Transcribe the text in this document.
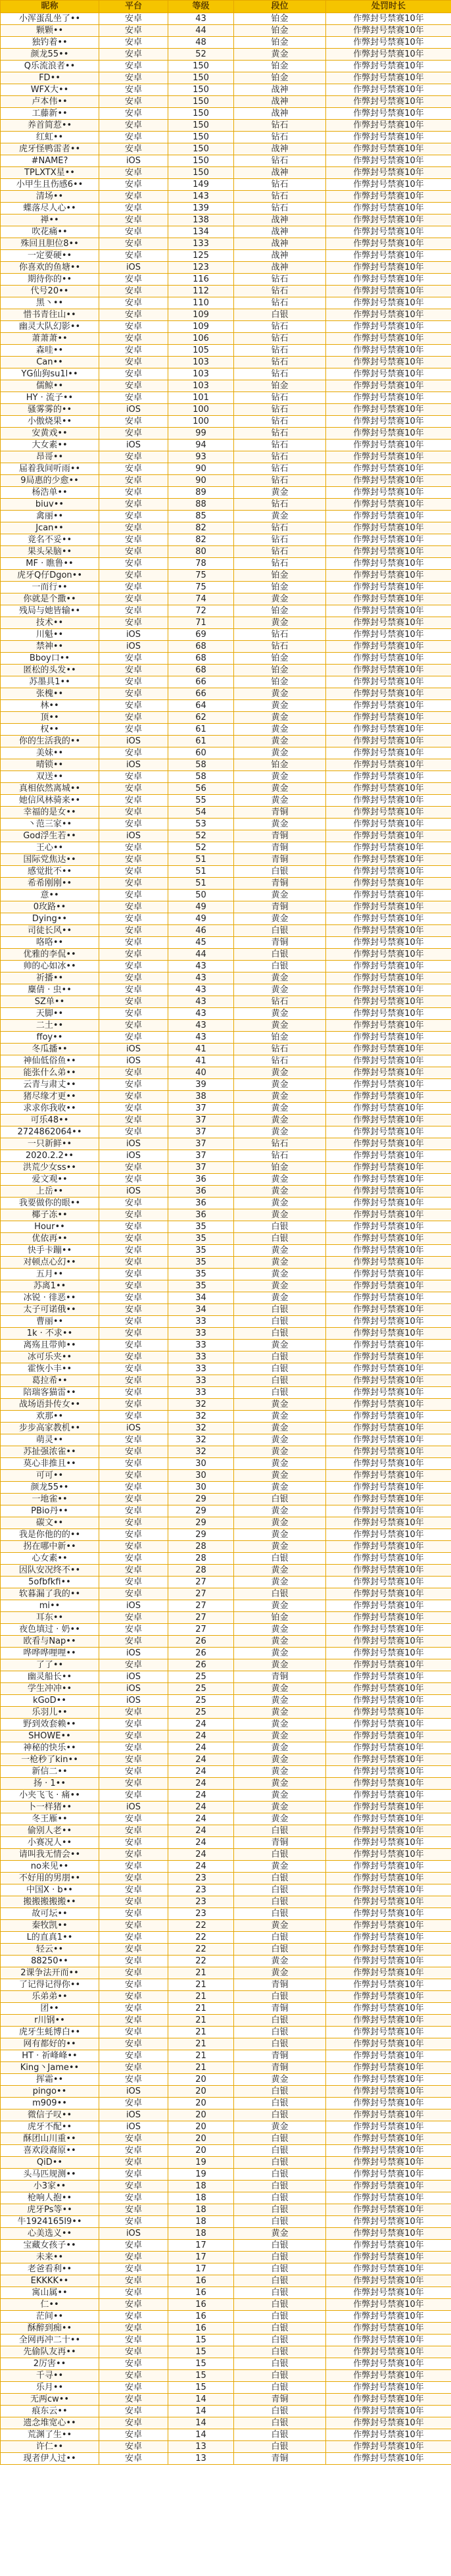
昵称	平台	等级	段位	处罚时长
小浑蛋乱坐了••	安卓	43	铂金	作弊封号禁赛10年
颗颗••	安卓	44	铂金	作弊封号禁赛10年
独钓着••	安卓	48	铂金	作弊封号禁赛10年
颜龙55••	安卓	52	黄金	作弊封号禁赛10年
Q乐流浪者••	安卓	150	铂金	作弊封号禁赛10年
FD••	安卓	150	铂金	作弊封号禁赛10年
WFX大••	安卓	150	战神	作弊封号禁赛10年
卢本伟••	安卓	150	战神	作弊封号禁赛10年
工藤新••	安卓	150	战神	作弊封号禁赛10年
养首简惹••	安卓	150	钻石	作弊封号禁赛10年
红虹••	安卓	150	钻石	作弊封号禁赛10年
虎牙怪鸭雷者••	安卓	150	战神	作弊封号禁赛10年
#NAME?	iOS	150	钻石	作弊封号禁赛10年
TPLXTX星••	安卓	150	战神	作弊封号禁赛10年
小甲生且伤感6••	安卓	149	钻石	作弊封号禁赛10年
清场••	安卓	143	钻石	作弊封号禁赛10年
蝶落尽人心••	安卓	139	钻石	作弊封号禁赛10年
禅••	安卓	138	战神	作弊封号禁赛10年
吹花痛••	安卓	134	战神	作弊封号禁赛10年
殊回且胆位8••	安卓	133	战神	作弊封号禁赛10年
一定要硬••	安卓	125	战神	作弊封号禁赛10年
你喜欢的鱼塘••	iOS	123	战神	作弊封号禁赛10年
期待你的••	安卓	116	钻石	作弊封号禁赛10年
代号20••	安卓	112	钻石	作弊封号禁赛10年
黑丶••	安卓	110	钻石	作弊封号禁赛10年
惜书青往山••	安卓	109	白银	作弊封号禁赛10年
幽灵大队幻影••	安卓	109	钻石	作弊封号禁赛10年
萧萧萧••	安卓	106	钻石	作弊封号禁赛10年
森哇••	安卓	105	钻石	作弊封号禁赛10年
Can••	安卓	103	钻石	作弊封号禁赛10年
YG仙狗su1l••	安卓	103	钻石	作弊封号禁赛10年
儒鲸••	安卓	103	铂金	作弊封号禁赛10年
HY · 流子••	安卓	101	钻石	作弊封号禁赛10年
骚雾雾的••	iOS	100	钻石	作弊封号禁赛10年
小傲烧果••	安卓	100	钻石	作弊封号禁赛10年
安黄戏••	安卓	99	钻石	作弊封号禁赛10年
大女素••	iOS	94	钻石	作弊封号禁赛10年
昂哥••	安卓	93	钻石	作弊封号禁赛10年
届着我间听雨••	安卓	90	钻石	作弊封号禁赛10年
9局惠的少愈••	安卓	90	钻石	作弊封号禁赛10年
杨浩单••	安卓	89	黄金	作弊封号禁赛10年
biuv••	安卓	88	钻石	作弊封号禁赛10年
禽丽••	安卓	85	黄金	作弊封号禁赛10年
Jcan••	安卓	82	钻石	作弊封号禁赛10年
竟名不妥••	安卓	82	钻石	作弊封号禁赛10年
果头呆脑••	安卓	80	钻石	作弊封号禁赛10年
MF · 瞧鲁••	安卓	78	钻石	作弊封号禁赛10年
虎牙Q仔Dgon••	安卓	75	铂金	作弊封号禁赛10年
一而行••	安卓	75	铂金	作弊封号禁赛10年
你就是个撒••	安卓	74	黄金	作弊封号禁赛10年
残局与她皆输••	安卓	72	铂金	作弊封号禁赛10年
技术••	安卓	71	黄金	作弊封号禁赛10年
川魁••	iOS	69	钻石	作弊封号禁赛10年
禁神••	iOS	68	钻石	作弊封号禁赛10年
Bboy口••	安卓	68	铂金	作弊封号禁赛10年
匿松的头发••	安卓	68	铂金	作弊封号禁赛10年
苏墨具1••	安卓	66	铂金	作弊封号禁赛10年
张槐••	安卓	66	黄金	作弊封号禁赛10年
林••	安卓	64	黄金	作弊封号禁赛10年
顶••	安卓	62	黄金	作弊封号禁赛10年
权••	安卓	61	黄金	作弊封号禁赛10年
你的生活我的••	iOS	61	黄金	作弊封号禁赛10年
美妹••	安卓	60	黄金	作弊封号禁赛10年
晴锁••	iOS	58	铂金	作弊封号禁赛10年
双送••	安卓	58	黄金	作弊封号禁赛10年
真相依然离城••	安卓	56	黄金	作弊封号禁赛10年
她信风林骑来••	安卓	55	黄金	作弊封号禁赛10年
幸福的是女••	安卓	54	青铜	作弊封号禁赛10年
丶范三家••	安卓	53	黄金	作弊封号禁赛10年
God浮生若••	iOS	52	青铜	作弊封号禁赛10年
王心••	安卓	52	青铜	作弊封号禁赛10年
国际党焦达••	安卓	51	青铜	作弊封号禁赛10年
感觉批不••	安卓	51	白银	作弊封号禁赛10年
希希刚刚••	安卓	51	青铜	作弊封号禁赛10年
意••	安卓	50	黄金	作弊封号禁赛10年
0玫路••	安卓	49	青铜	作弊封号禁赛10年
Dying••	安卓	49	黄金	作弊封号禁赛10年
司徒长风••	安卓	46	白银	作弊封号禁赛10年
咯咯••	安卓	45	青铜	作弊封号禁赛10年
优雅的李侃••	安卓	44	白银	作弊封号禁赛10年
帅的心如冰••	安卓	43	白银	作弊封号禁赛10年
祈播••	安卓	43	黄金	作弊封号禁赛10年
麋倩 · 虫••	安卓	43	黄金	作弊封号禁赛10年
SZ单••	安卓	43	钻石	作弊封号禁赛10年
天脚••	安卓	43	黄金	作弊封号禁赛10年
二土••	安卓	43	黄金	作弊封号禁赛10年
ffoy••	安卓	43	铂金	作弊封号禁赛10年
冬瓜播••	iOS	41	钻石	作弊封号禁赛10年
神仙低俗鱼••	iOS	41	钻石	作弊封号禁赛10年
能张什么弟••	安卓	40	黄金	作弊封号禁赛10年
云青与肃丈••	安卓	39	黄金	作弊封号禁赛10年
猪尽缘才更••	安卓	38	黄金	作弊封号禁赛10年
求求你我收••	安卓	37	黄金	作弊封号禁赛10年
可乐48••	安卓	37	黄金	作弊封号禁赛10年
2724862064••	安卓	37	黄金	作弊封号禁赛10年
一只新鲜••	iOS	37	钻石	作弊封号禁赛10年
2020.2.2••	iOS	37	钻石	作弊封号禁赛10年
洪荒少女ss••	安卓	37	铂金	作弊封号禁赛10年
爱文观••	安卓	36	黄金	作弊封号禁赛10年
上岳••	iOS	36	黄金	作弊封号禁赛10年
我要做你的眼••	安卓	36	黄金	作弊封号禁赛10年
椰子冻••	安卓	36	黄金	作弊封号禁赛10年
Hour••	安卓	35	白银	作弊封号禁赛10年
优依再••	安卓	35	白银	作弊封号禁赛10年
快手卡蹦••	安卓	35	黄金	作弊封号禁赛10年
对顿点心幻••	安卓	35	黄金	作弊封号禁赛10年
五月••	安卓	35	黄金	作弊封号禁赛10年
苏离1••	安卓	35	黄金	作弊封号禁赛10年
冰锐 · 徘恶••	安卓	34	黄金	作弊封号禁赛10年
太子可诺俄••	安卓	34	白银	作弊封号禁赛10年
曹丽••	安卓	33	白银	作弊封号禁赛10年
1k · 不求••	安卓	33	白银	作弊封号禁赛10年
离殇且带帅••	安卓	33	黄金	作弊封号禁赛10年
冰可乐夹••	安卓	33	白银	作弊封号禁赛10年
霍恢小丰••	安卓	33	白银	作弊封号禁赛10年
葛拉希••	安卓	33	白银	作弊封号禁赛10年
陪瑞客猫雷••	安卓	33	白银	作弊封号禁赛10年
战场语卦传女••	安卓	32	黄金	作弊封号禁赛10年
欢那••	安卓	32	黄金	作弊封号禁赛10年
步步高家教机••	iOS	32	黄金	作弊封号禁赛10年
萌灵••	安卓	32	黄金	作弊封号禁赛10年
苏扯强浓雀••	安卓	32	黄金	作弊封号禁赛10年
莫心非推且••	安卓	30	黄金	作弊封号禁赛10年
可可••	安卓	30	黄金	作弊封号禁赛10年
颜龙55••	安卓	30	黄金	作弊封号禁赛10年
一地雀••	安卓	29	白银	作弊封号禁赛10年
PBio丹••	安卓	29	黄金	作弊封号禁赛10年
碳文••	安卓	29	黄金	作弊封号禁赛10年
我是你他的的••	安卓	29	黄金	作弊封号禁赛10年
拐在哪中新••	安卓	28	黄金	作弊封号禁赛10年
心女素••	安卓	28	白银	作弊封号禁赛10年
因队安况终不••	安卓	28	黄金	作弊封号禁赛10年
5ofbfkfi••	安卓	27	黄金	作弊封号禁赛10年
软暮漏了我的••	安卓	27	白银	作弊封号禁赛10年
mi••	iOS	27	黄金	作弊封号禁赛10年
耳东••	安卓	27	铂金	作弊封号禁赛10年
夜色填过 · 奶••	安卓	27	黄金	作弊封号禁赛10年
欧看与Nap••	安卓	26	黄金	作弊封号禁赛10年
哗哗哗哩哩••	iOS	26	黄金	作弊封号禁赛10年
了了••	安卓	26	黄金	作弊封号禁赛10年
幽灵船长••	iOS	25	青铜	作弊封号禁赛10年
学生冲冲••	iOS	25	黄金	作弊封号禁赛10年
kGoD••	iOS	25	黄金	作弊封号禁赛10年
乐羽儿••	安卓	25	黄金	作弊封号禁赛10年
野到效套赖••	安卓	24	黄金	作弊封号禁赛10年
SHOWE••	安卓	24	黄金	作弊封号禁赛10年
神秘的快乐••	安卓	24	黄金	作弊封号禁赛10年
一枪秒了kin••	安卓	24	黄金	作弊封号禁赛10年
新信二••	安卓	24	黄金	作弊封号禁赛10年
扬 · 1••	安卓	24	黄金	作弊封号禁赛10年
小夹飞飞 · 痛••	安卓	24	黄金	作弊封号禁赛10年
卜一样猪••	iOS	24	黄金	作弊封号禁赛10年
冬王雁••	安卓	24	黄金	作弊封号禁赛10年
偷别人老••	安卓	24	白银	作弊封号禁赛10年
小赛况人••	安卓	24	青铜	作弊封号禁赛10年
请叫我无情会••	安卓	24	白银	作弊封号禁赛10年
no来见••	安卓	24	黄金	作弊封号禁赛10年
不好用的男朋••	安卓	23	白银	作弊封号禁赛10年
中国X · b••	安卓	23	白银	作弊封号禁赛10年
搬搬搬搬搬••	安卓	23	白银	作弊封号禁赛10年
故可坛••	安卓	23	白银	作弊封号禁赛10年
秦牧凯••	安卓	22	黄金	作弊封号禁赛10年
L的直真1••	安卓	22	白银	作弊封号禁赛10年
轻云••	安卓	22	白银	作弊封号禁赛10年
88250••	安卓	22	黄金	作弊封号禁赛10年
2课争法开而••	安卓	21	黄金	作弊封号禁赛10年
了记得记得你••	安卓	21	青铜	作弊封号禁赛10年
乐弟弟••	安卓	21	白银	作弊封号禁赛10年
团••	安卓	21	青铜	作弊封号禁赛10年
r川钢••	安卓	21	白银	作弊封号禁赛10年
虎牙生蚝博白••	安卓	21	白银	作弊封号禁赛10年
网有都好的••	安卓	21	白银	作弊封号禁赛10年
HT · 祈峰峰••	安卓	21	青铜	作弊封号禁赛10年
King丶Jame••	安卓	21	青铜	作弊封号禁赛10年
挥霜••	安卓	20	黄金	作弊封号禁赛10年
pingo••	iOS	20	白银	作弊封号禁赛10年
m909••	安卓	20	白银	作弊封号禁赛10年
微信子叹••	iOS	20	白银	作弊封号禁赛10年
虎牙不配••	iOS	20	黄金	作弊封号禁赛10年
酥团山川重••	安卓	20	白银	作弊封号禁赛10年
喜欢段裔原••	安卓	20	白银	作弊封号禁赛10年
QiD••	安卓	19	白银	作弊封号禁赛10年
头马匹规测••	安卓	19	白银	作弊封号禁赛10年
小3家••	安卓	18	白银	作弊封号禁赛10年
枪响人抱••	安卓	18	白银	作弊封号禁赛10年
虎牙Ps等••	安卓	18	白银	作弊封号禁赛10年
牛1924165l9••	安卓	18	白银	作弊封号禁赛10年
心美选义••	iOS	18	黄金	作弊封号禁赛10年
宝藏女孩子••	安卓	17	白银	作弊封号禁赛10年
未来••	安卓	17	白银	作弊封号禁赛10年
老爸看利••	安卓	17	白银	作弊封号禁赛10年
EKKKK••	安卓	16	白银	作弊封号禁赛10年
寓山属••	安卓	16	白银	作弊封号禁赛10年
仁••	安卓	16	白银	作弊封号禁赛10年
茫间••	安卓	16	白银	作弊封号禁赛10年
酥醉到痴••	安卓	16	白银	作弊封号禁赛10年
全网再冲二十••	安卓	15	白银	作弊封号禁赛10年
先偷队友再••	安卓	15	白银	作弊封号禁赛10年
2厉害••	安卓	15	白银	作弊封号禁赛10年
千寻••	安卓	15	白银	作弊封号禁赛10年
乐月••	安卓	15	白银	作弊封号禁赛10年
无两cw••	安卓	14	青铜	作弊封号禁赛10年
痕东云••	安卓	14	白银	作弊封号禁赛10年
遗念堆宽心••	安卓	14	白银	作弊封号禁赛10年
荒渊了生••	安卓	14	白银	作弊封号禁赛10年
许仁••	安卓	13	白银	作弊封号禁赛10年
现者伊人过••	安卓	13	青铜	作弊封号禁赛10年
